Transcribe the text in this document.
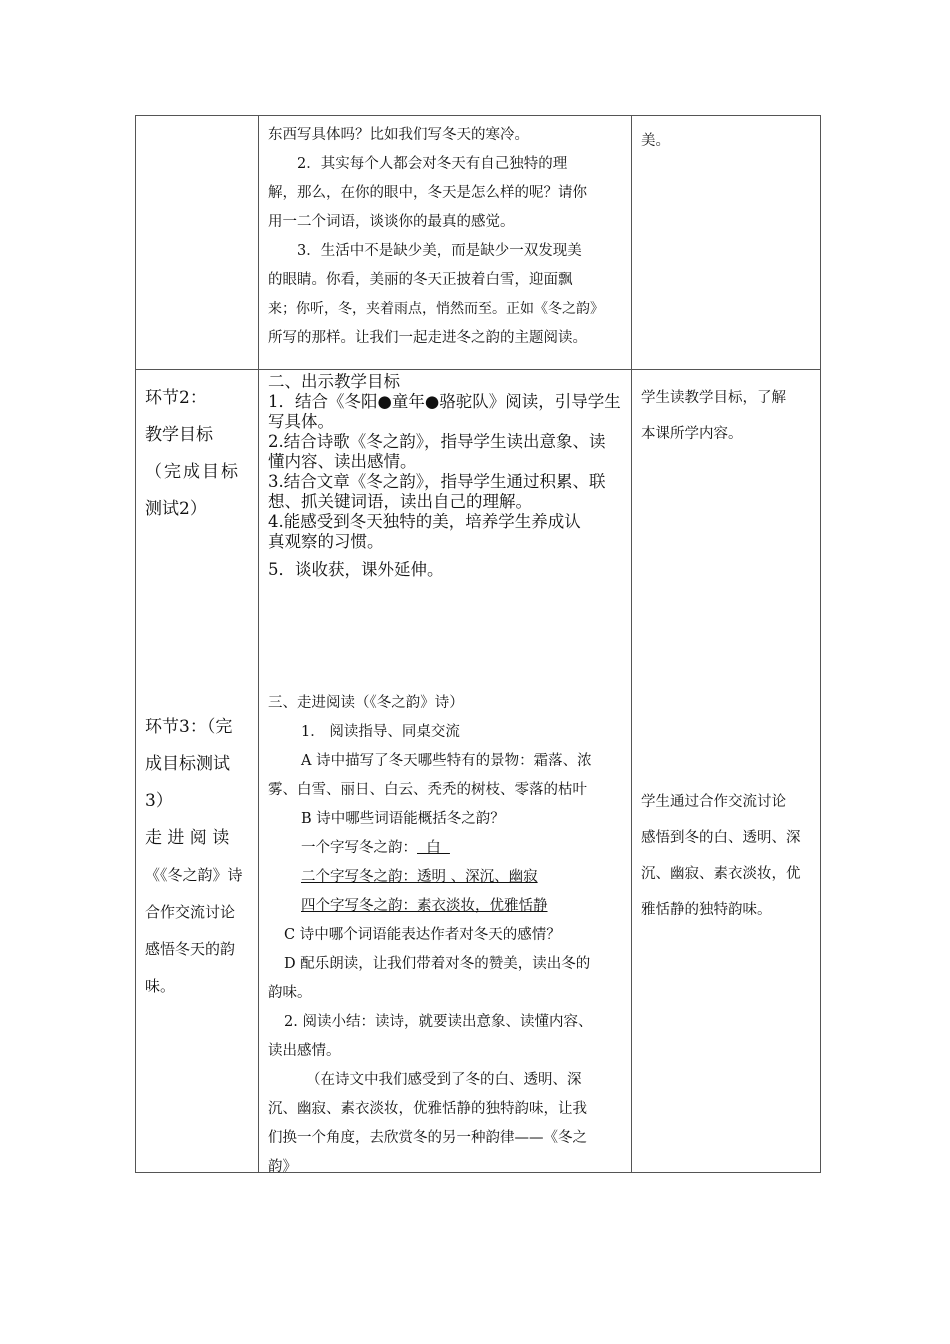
东西写具体吗？比如我们写冬天的寒冷。

2．其实每个人都会对冬天有自己独特的理

解，那么，在你的眼中，冬天是怎么样的呢？请你

用一二个词语，谈谈你的最真的感觉。

3．生活中不是缺少美，而是缺少一双发现美

的眼睛。你看，美丽的冬天正披着白雪，迎面飘

来；你听，冬，夹着雨点，悄然而至。正如《冬之韵》

所写的那样。让我们一起走进冬之韵的主题阅读。

美。

环节2：
教学目标
（完成目标
测试2）
二、出示教学目标
1．结合《冬阳●童年●骆驼队》阅读，引导学生
写具体。
2.结合诗歌《冬之韵》，指导学生读出意象、读
懂内容、读出感情。
3.结合文章《冬之韵》，指导学生通过积累、联
想、抓关键词语，读出自己的理解。
4.能感受到冬天独特的美，培养学生养成认
真观察的习惯。
5．谈收获，课外延伸。

学生读教学目标，了解

本课所学内容。

环节3：（完
成目标测试
3）
走 进 阅 读
《《冬之韵》诗
合作交流讨论
感悟冬天的韵
味。

三、走进阅读（《冬之韵》诗）

1． 阅读指导、同桌交流

A 诗中描写了冬天哪些特有的景物：霜落、浓

雾、白雪、丽日、白云、秃秃的树枝、零落的枯叶

B 诗中哪些词语能概括冬之韵？

一个字写冬之韵：  白

二个字写冬之韵：透明 、深沉、幽寂

四个字写冬之韵：素衣淡妆，优雅恬静

C 诗中哪个词语能表达作者对冬天的感情？

D 配乐朗读，让我们带着对冬的赞美，读出冬的

韵味。

2. 阅读小结：读诗，就要读出意象、读懂内容、

读出感情。

（在诗文中我们感受到了冬的白、透明、深

沉、幽寂、素衣淡妆，优雅恬静的独特韵味，让我

们换一个角度，去欣赏冬的另一种韵律——《冬之

韵》

学生通过合作交流讨论

感悟到冬的白、透明、深

沉、幽寂、素衣淡妆，优

雅恬静的独特韵味。
